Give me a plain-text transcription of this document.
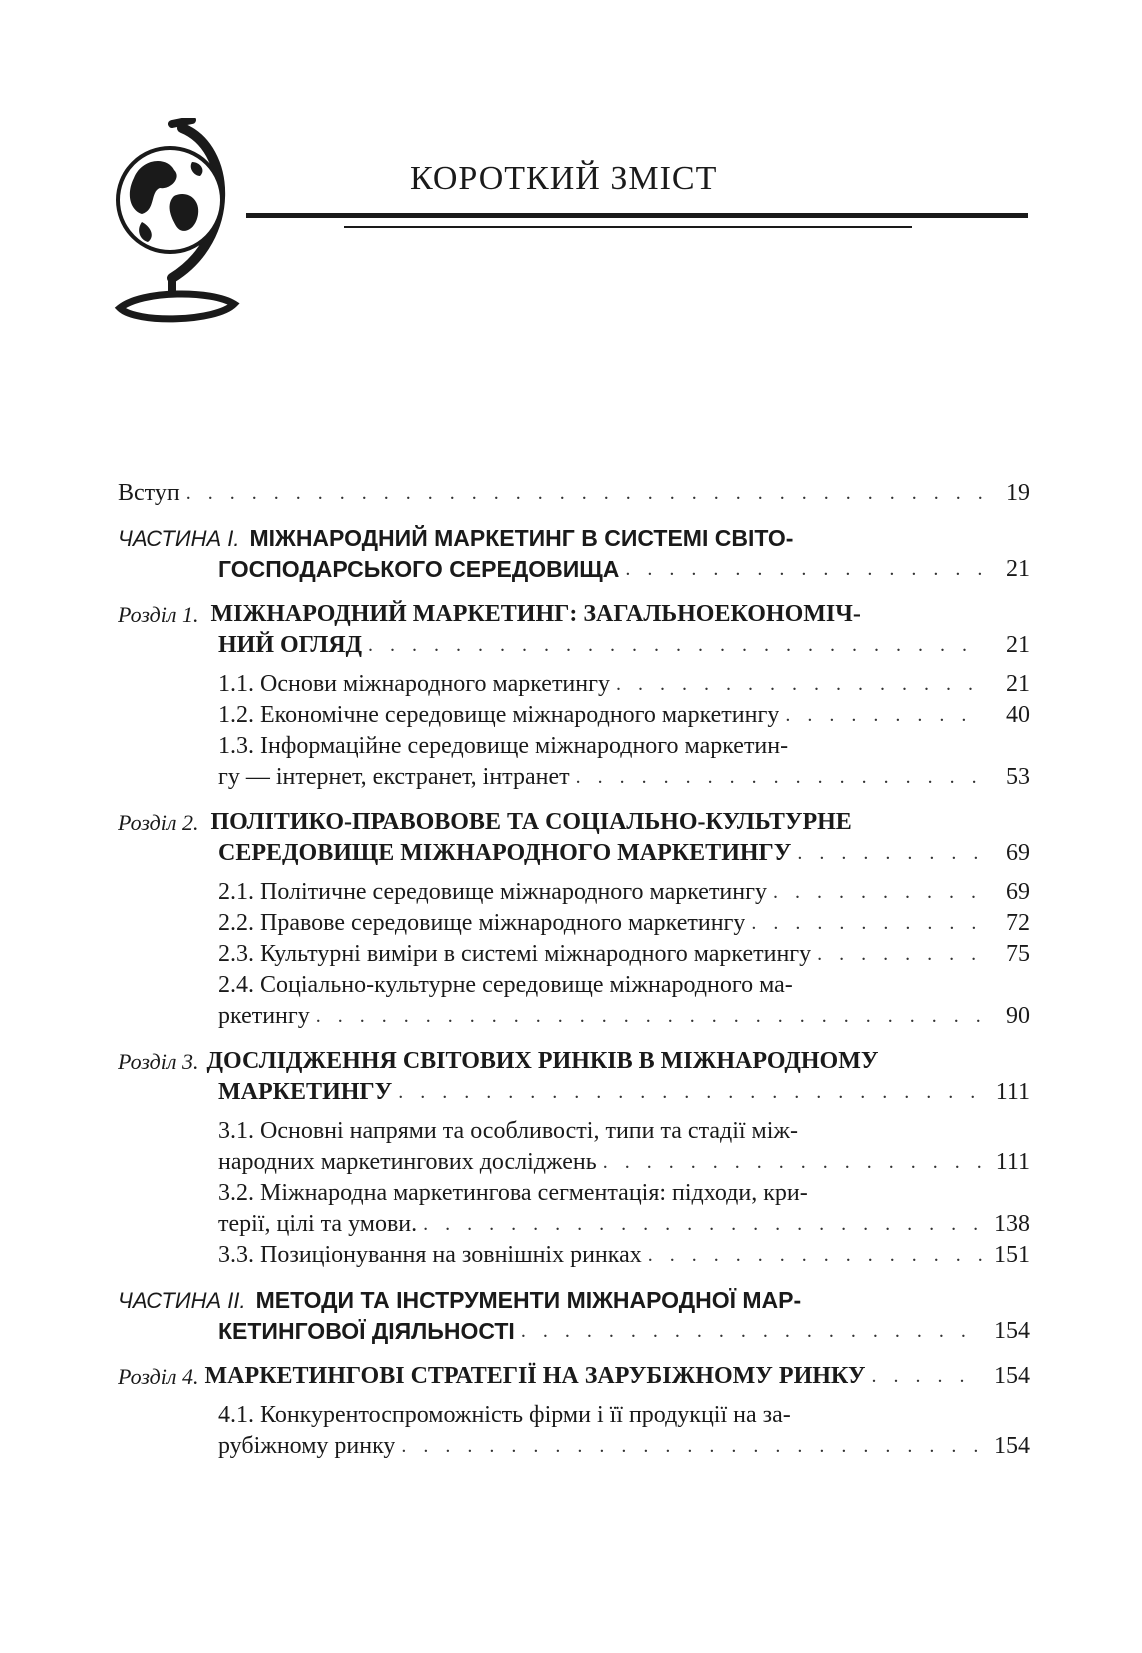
КОРОТКИЙ ЗМІСТ
Вступ . . .	19
ЧАСТИНА I. МІЖНАРОДНИЙ МАРКЕТИНГ В СИСТЕМІ СВІТО-
ГОСПОДАРСЬКОГО СЕРЕДОВИЩА . . .	21
Розділ 1. МІЖНАРОДНИЙ МАРКЕТИНГ: ЗАГАЛЬНОЕКОНОМІЧ-
НИЙ ОГЛЯД . . .	21
1.1. Основи міжнародного маркетингу . . .	21
1.2. Економічне середовище міжнародного маркетингу . . .	40
1.3. Інформаційне середовище міжнародного маркетин-
гу — інтернет, екстранет, інтранет . . .	53
Розділ 2. ПОЛІТИКО-ПРАВОВОВЕ ТА СОЦІАЛЬНО-КУЛЬТУРНЕ
СЕРЕДОВИЩЕ МІЖНАРОДНОГО МАРКЕТИНГУ . . .	69
2.1. Політичне середовище міжнародного маркетингу . . .	69
2.2. Правове середовище міжнародного маркетингу . . .	72
2.3. Культурні виміри в системі міжнародного маркетингу . . .	75
2.4. Соціально-культурне середовище міжнародного ма-
ркетингу . . .	90
Розділ 3. ДОСЛІДЖЕННЯ СВІТОВИХ РИНКІВ В МІЖНАРОДНОМУ
МАРКЕТИНГУ . . .	111
3.1. Основні напрями та особливості, типи та стадії між-
народних маркетингових досліджень . . .	111
3.2. Міжнародна маркетингова сегментація: підходи, кри-
терії, цілі та умови. . . .	138
3.3. Позиціонування на зовнішніх ринках . . .	151
ЧАСТИНА II. МЕТОДИ ТА ІНСТРУМЕНТИ МІЖНАРОДНОЇ МАР-
КЕТИНГОВОЇ ДІЯЛЬНОСТІ . . .	154
Розділ 4. МАРКЕТИНГОВІ СТРАТЕГІЇ НА ЗАРУБІЖНОМУ РИНКУ . . .	154
4.1. Конкурентоспроможність фірми і її продукції на за-
рубіжному ринку . . .	154
